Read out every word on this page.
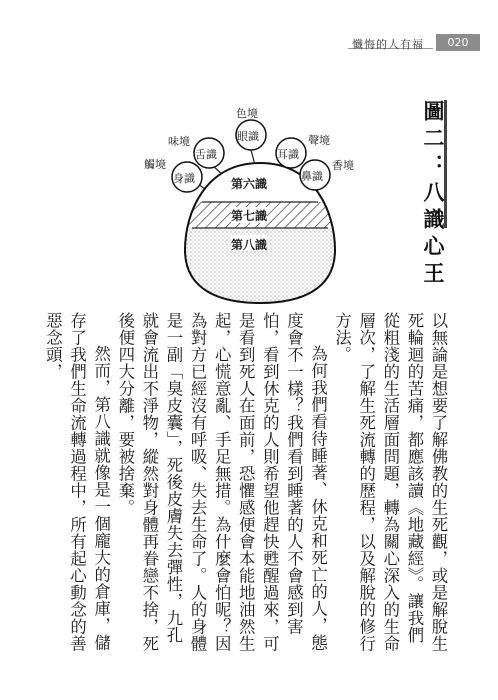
懺悔的人有福	020
圖二：八識心王
色境
味境	聲境
觸境	香境
眼識
舌識	耳識
身識	鼻識
第六識
第七識
第八識

以無論是想要了解佛教的生死觀，或是解脫生死輪迴的苦痛，都應該讀《地藏經》。讓我們從粗淺的生活層面問題，轉為關心深入的生命層次，了解生死流轉的歷程，以及解脫的修行方法。

為何我們看待睡著、休克和死亡的人，態度會不一樣？我們看到睡著的人不會感到害怕，看到休克的人則希望他趕快甦醒過來，可是看到死人在面前，恐懼感便會本能地油然生起，心慌意亂、手足無措。為什麼會怕呢？因為對方已經沒有呼吸、失去生命了。人的身體是一副「臭皮囊」，死後皮膚失去彈性，九孔就會流出不淨物，縱然對身體再眷戀不捨，死後便四大分離，要被捨棄。

然而，第八識就像是一個龐大的倉庫，儲存了我們生命流轉過程中，所有起心動念的善惡念頭，
